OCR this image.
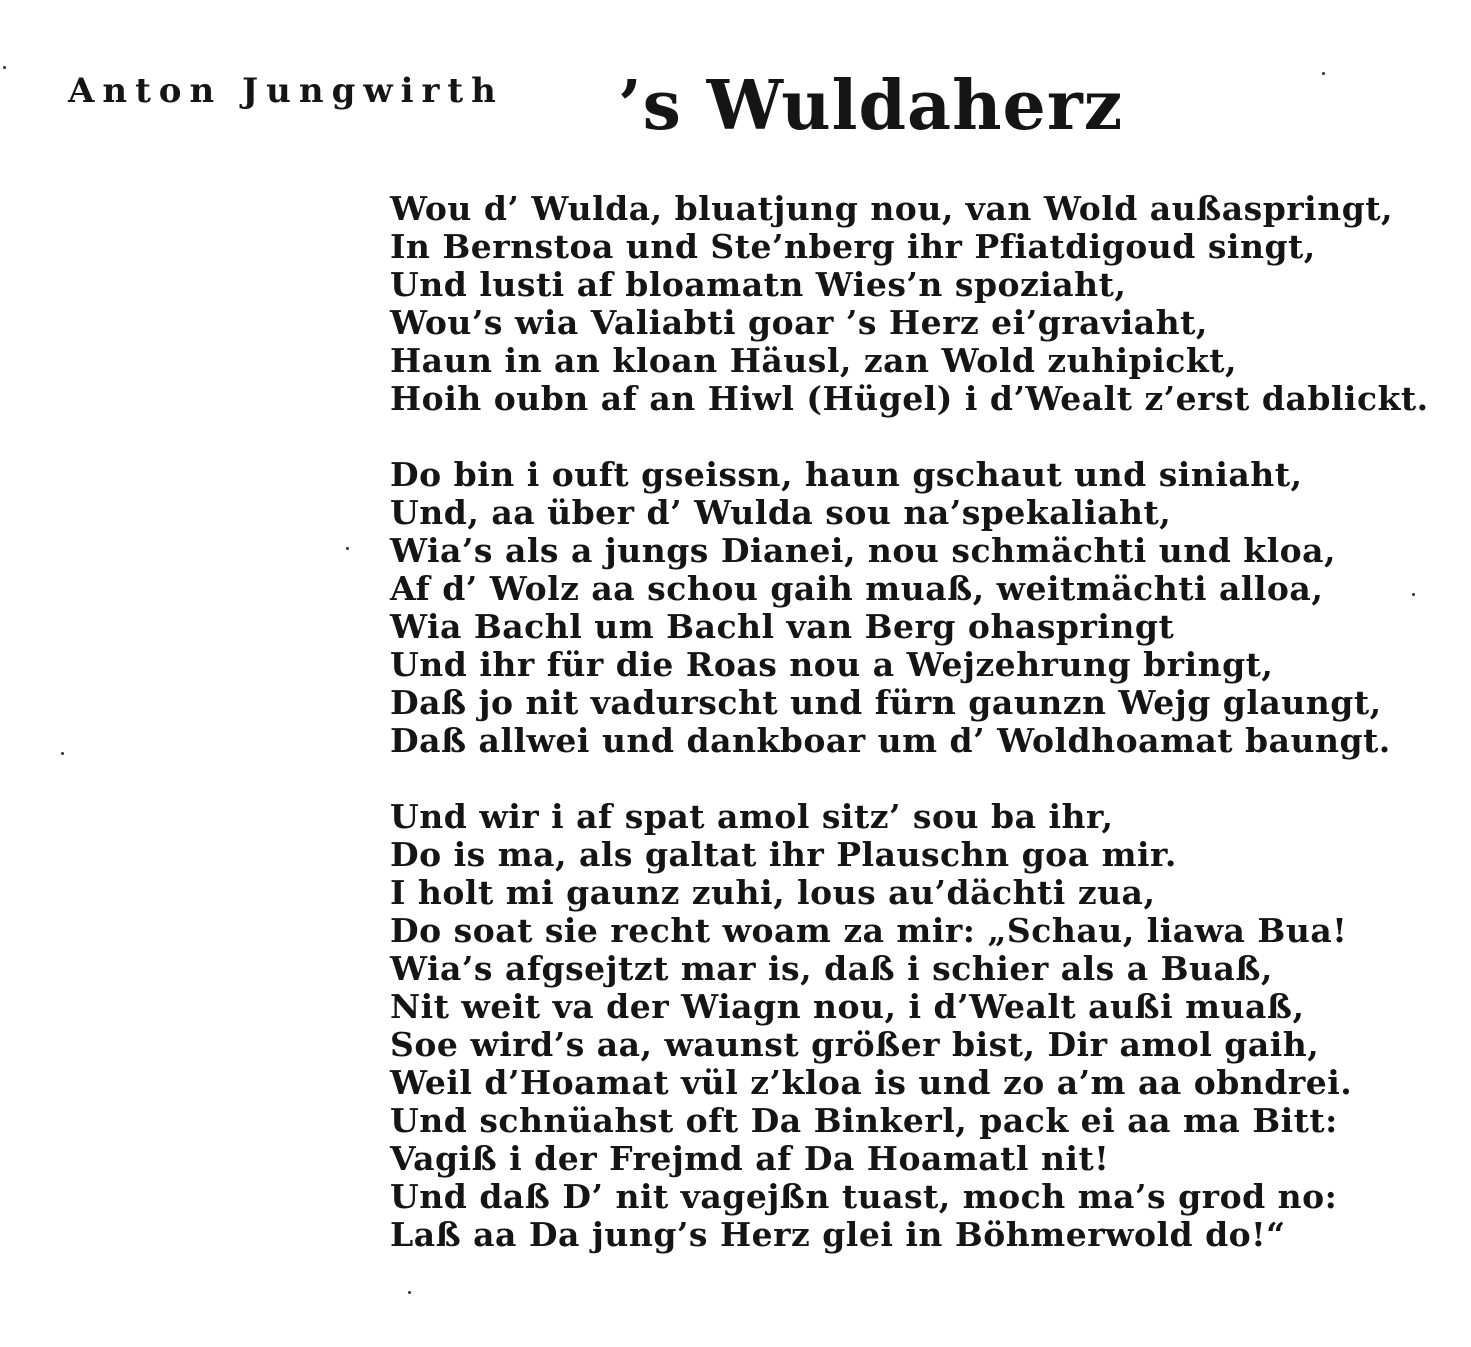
Anton Jungwirth ’s Wuldaherz
Wou d’ Wulda, bluatjung nou, van Wold außaspringt,
In Bernstoa und Ste’nberg ihr Pfiatdigoud singt,
Und lusti af bloamatn Wies’n spoziaht,
Wou’s wia Valiabti goar ’s Herz ei’graviaht,
Haun in an kloan Häusl, zan Wold zuhipickt,
Hoih oubn af an Hiwl (Hügel) i d’Wealt z’erst dablickt.
Do bin i ouft gseissn, haun gschaut und siniaht,
Und, aa über d’ Wulda sou na’spekaliaht,
Wia’s als a jungs Dianei, nou schmächti und kloa,
Af d’ Wolz aa schou gaih muaß, weitmächti alloa,
Wia Bachl um Bachl van Berg ohaspringt
Und ihr für die Roas nou a Wejzehrung bringt,
Daß jo nit vadurscht und fürn gaunzn Wejg glaungt,
Daß allwei und dankboar um d’ Woldhoamat baungt.
Und wir i af spat amol sitz’ sou ba ihr,
Do is ma, als galtat ihr Plauschn goa mir.
I holt mi gaunz zuhi, lous au’dächti zua,
Do soat sie recht woam za mir: „Schau, liawa Bua!
Wia’s afgsejtzt mar is, daß i schier als a Buaß,
Nit weit va der Wiagn nou, i d’Wealt außi muaß,
Soe wird’s aa, waunst größer bist, Dir amol gaih,
Weil d’Hoamat vül z’kloa is und zo a’m aa obndrei.
Und schnüahst oft Da Binkerl, pack ei aa ma Bitt:
Vagiß i der Frejmd af Da Hoamatl nit!
Und daß D’ nit vagejßn tuast, moch ma’s grod no:
Laß aa Da jung’s Herz glei in Böhmerwold do!“
